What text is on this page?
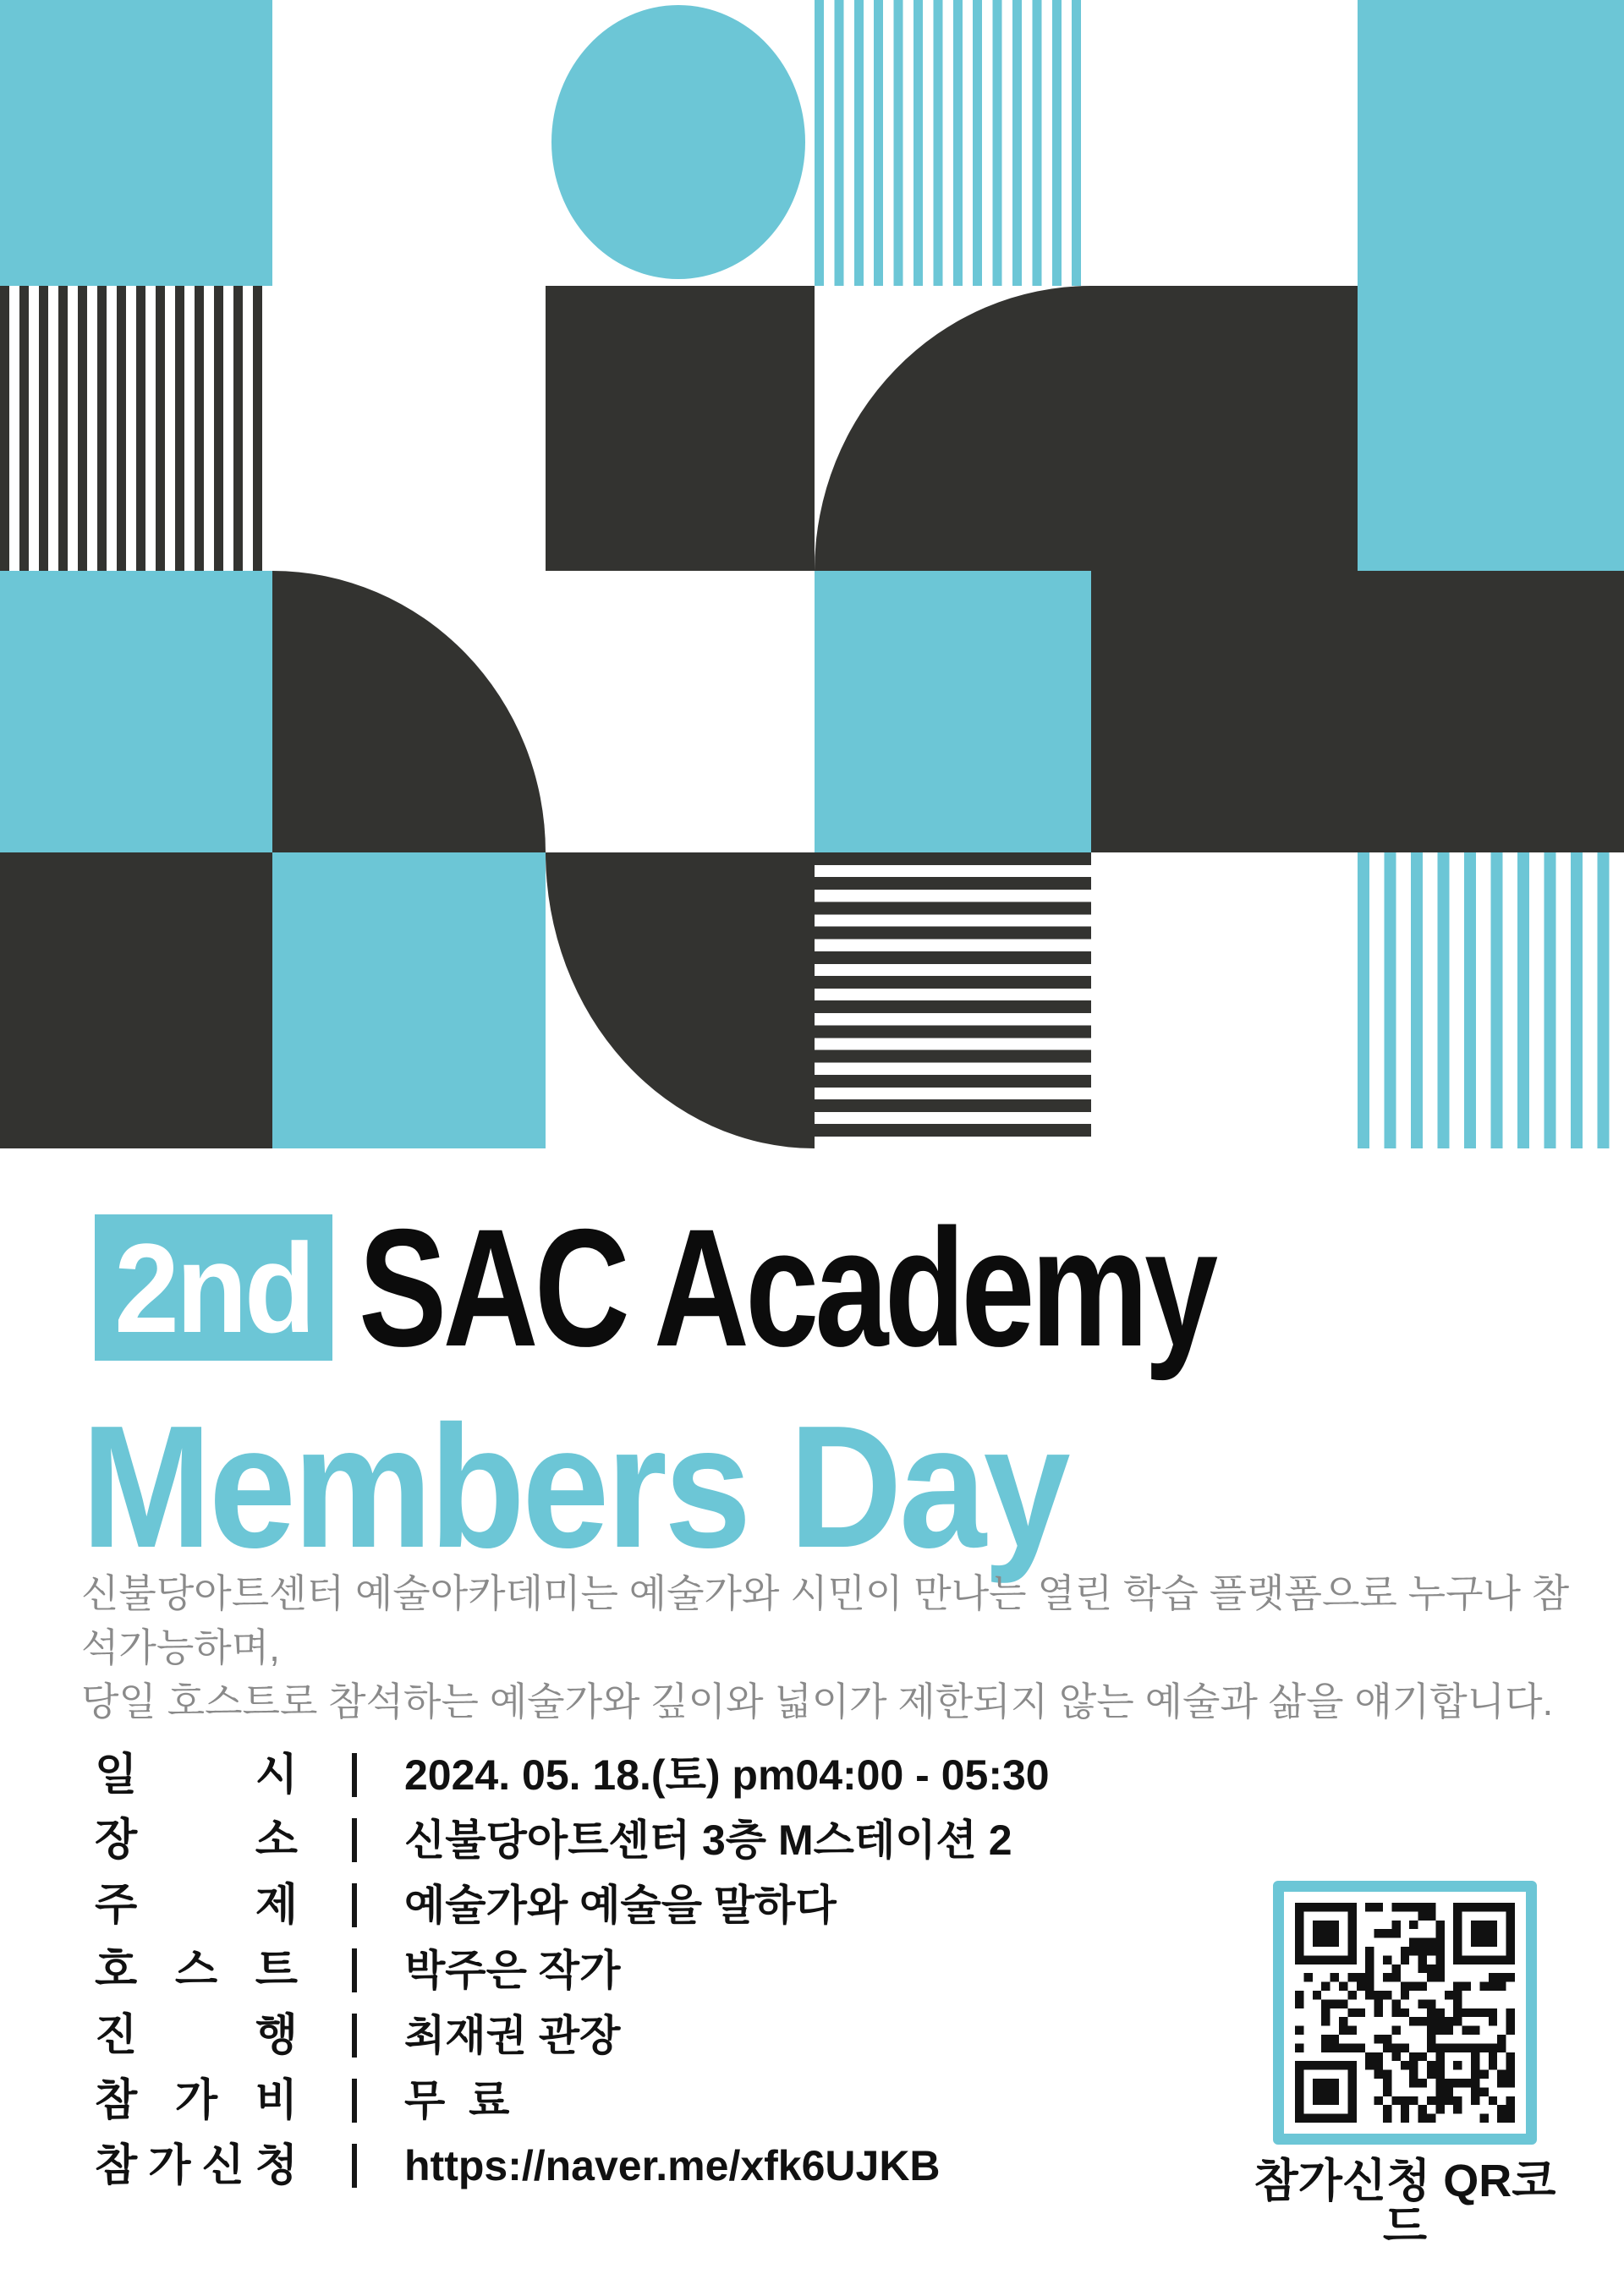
2nd SAC Academy
Members Day
신불당아트센터 예술아카데미는 예술가와 시민이 만나는 열린 학습 플랫폼으로 누구나 참석가능하며,
당일 호스트로 참석하는 예술가와 깊이와 넓이가 제한되지 않는 예술과 삶을 얘기합니다.
일	시	2024. 05. 18.(토) pm04:00 - 05:30
장	소	신불당아트센터 3층 M스테이션 2
주	제	예술가와 예술을 말하다
호 스 트	박주은 작가
진	행	최재권 관장
참 가 비	무  료
참 가 신 청	https://naver.me/xfk6UJKB	참가신청 QR코드
